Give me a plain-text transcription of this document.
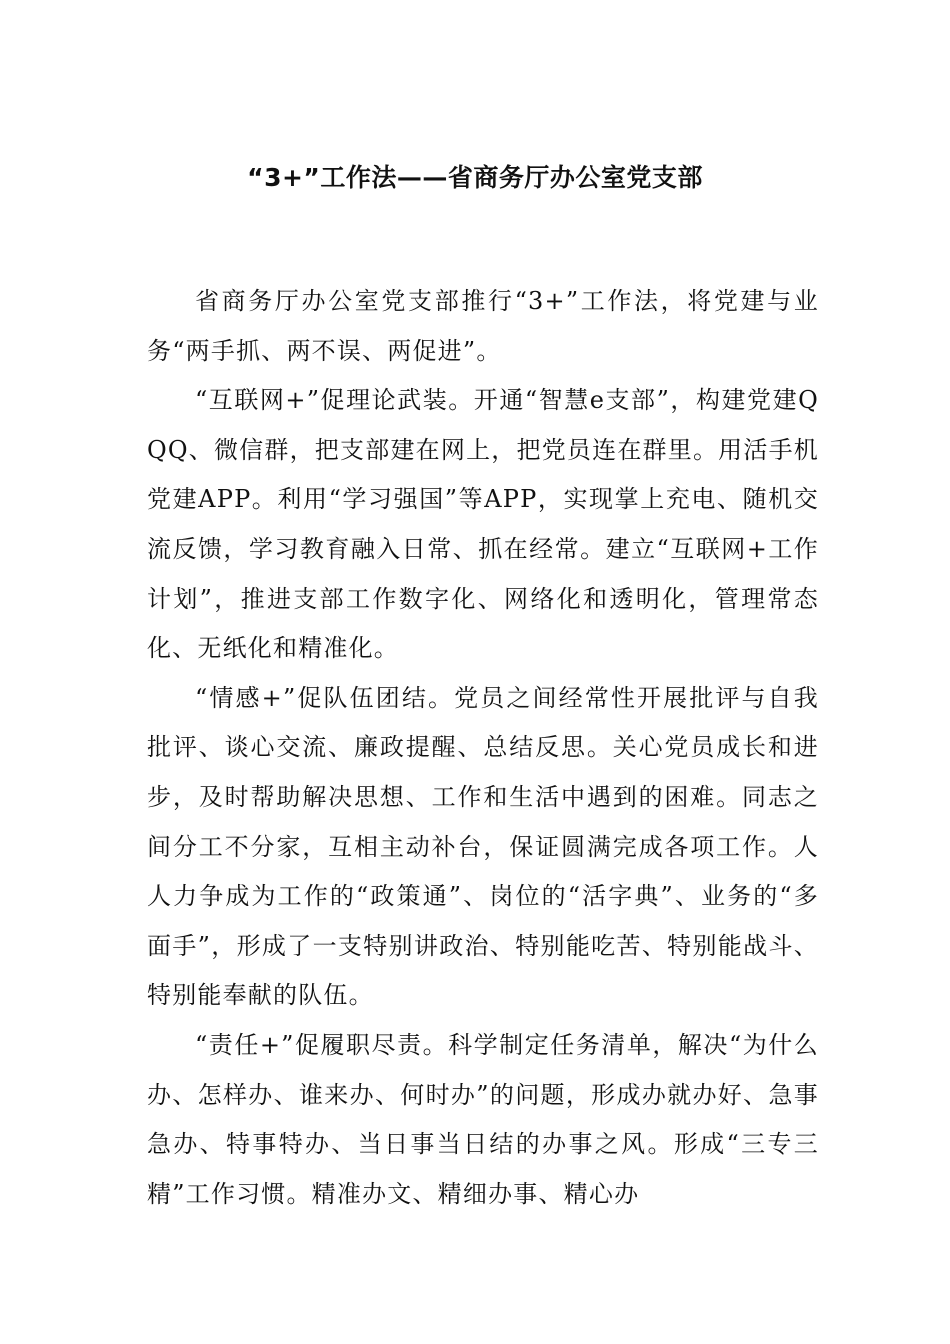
“3+”工作法——省商务厅办公室党支部

省商务厅办公室党支部推行“3+”工作法，将党建与业务“两手抓、两不误、两促进”。

“互联网+”促理论武装。开通“智慧e支部”，构建党建QQQ、微信群，把支部建在网上，把党员连在群里。用活手机党建APP。利用“学习强国”等APP，实现掌上充电、随机交流反馈，学习教育融入日常、抓在经常。建立“互联网+工作计划”，推进支部工作数字化、网络化和透明化，管理常态化、无纸化和精准化。

“情感+”促队伍团结。党员之间经常性开展批评与自我批评、谈心交流、廉政提醒、总结反思。关心党员成长和进步，及时帮助解决思想、工作和生活中遇到的困难。同志之间分工不分家，互相主动补台，保证圆满完成各项工作。人人力争成为工作的“政策通”、岗位的“活字典”、业务的“多面手”，形成了一支特别讲政治、特别能吃苦、特别能战斗、特别能奉献的队伍。

“责任+”促履职尽责。科学制定任务清单，解决“为什么办、怎样办、谁来办、何时办”的问题，形成办就办好、急事急办、特事特办、当日事当日结的办事之风。形成“三专三精”工作习惯。精准办文、精细办事、精心办
